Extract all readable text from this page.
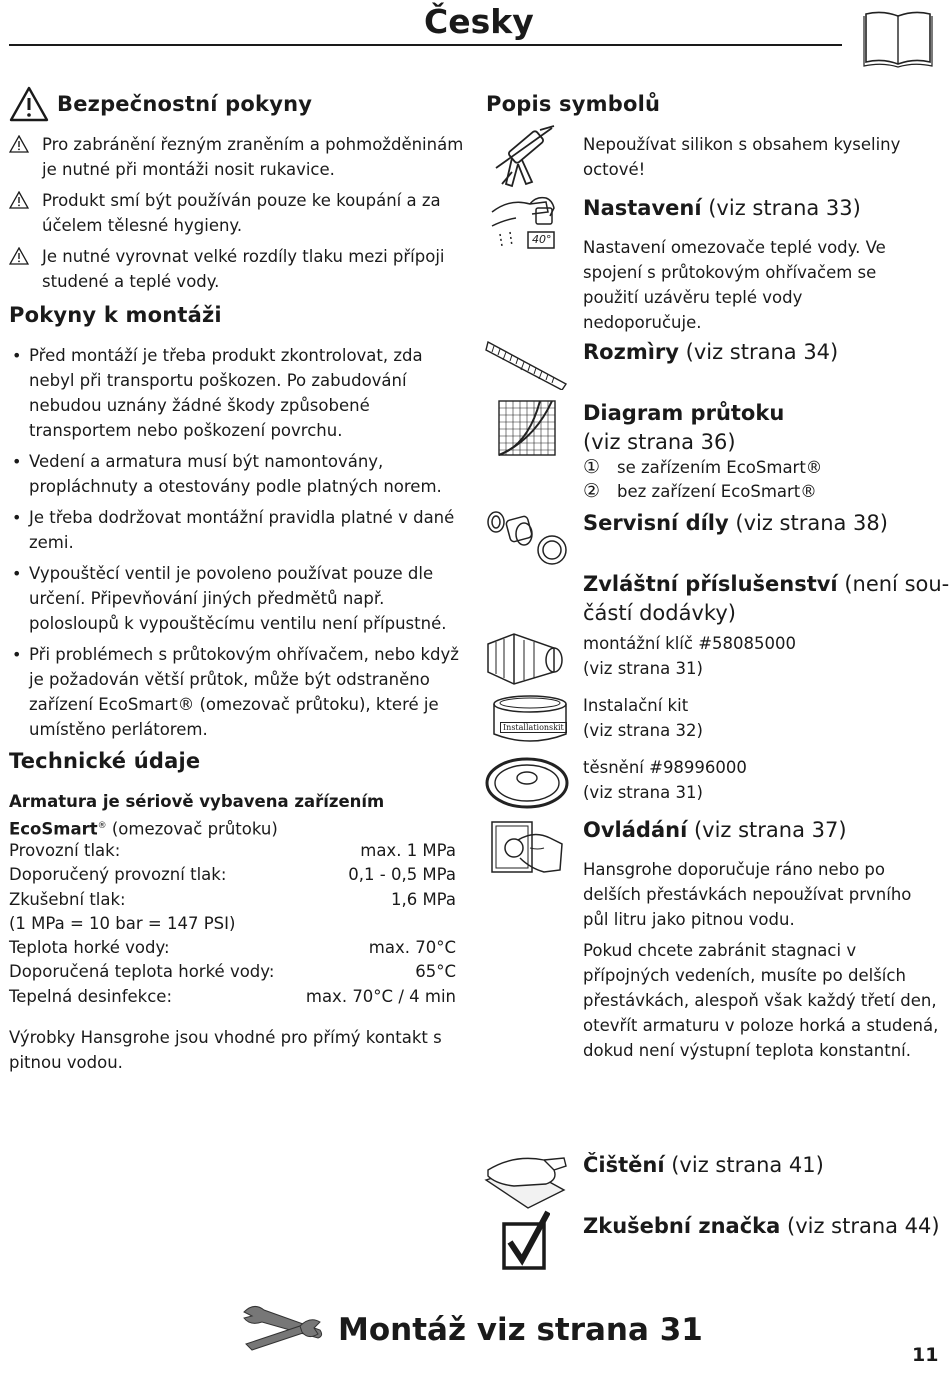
Česky
Bezpečnostní pokyny
Pro zabránění řezným zraněním a pohmožděninám je nutné při montáži nosit rukavice.
Produkt smí být používán pouze ke koupání a za účelem tělesné hygieny.
Je nutné vyrovnat velké rozdíly tlaku mezi přípoji studené a teplé vody.
Pokyny k montáži
• Před montáží je třeba produkt zkontrolovat, zda nebyl při transportu poškozen. Po zabudování nebudou uznány žádné škody způsobené transportem nebo poškození povrchu.
• Vedení a armatura musí být namontovány, propláchnuty a otestovány podle platných norem.
• Je třeba dodržovat montážní pravidla platné v dané zemi.
• Vypouštěcí ventil je povoleno používat pouze dle určení. Připevňování jiných předmětů např. polosloupů k vypouštěcímu ventilu není přípustné.
• Při problémech s průtokovým ohřívačem, nebo když je požadován větší průtok, může být odstraněno zařízení EcoSmart® (omezovač průtoku), které je umístěno perlátorem.
Technické údaje
Armatura je sériově vybavena zařízením
EcoSmart® (omezovač průtoku)
Provozní tlak:	max. 1 MPa
Doporučený provozní tlak:	0,1 - 0,5 MPa
Zkušební tlak:	1,6 MPa
(1 MPa = 10 bar = 147 PSI)	
Teplota horké vody:	max. 70°C
Doporučená teplota horké vody:	65°C
Tepelná desinfekce:	max. 70°C / 4 min
Výrobky Hansgrohe jsou vhodné pro přímý kontakt s pitnou vodou.
Popis symbolů
Nepoužívat silikon s obsahem kyseliny octové!
40°
Nastavení (viz strana 33)
Nastavení omezovače teplé vody. Ve spojení s průtokovým ohřívačem se použití uzávěru teplé vody nedoporučuje.
Rozmìry (viz strana 34)
Diagram průtoku
(viz strana 36)
① se zařízením EcoSmart®
② bez zařízení EcoSmart®
Servisní díly (viz strana 38)
Zvláštní příslušenství (není sou-
částí dodávky)
montážní klíč #58085000
(viz strana 31)
Installationskit
Instalační kit
(viz strana 32)
těsnění #98996000
(viz strana 31)
Ovládání (viz strana 37)
Hansgrohe doporučuje ráno nebo po delších přestávkách nepoužívat prvního půl litru jako pitnou vodu.
Pokud chcete zabránit stagnaci v přípojných vedeních, musíte po delších přestávkách, alespoň však každý třetí den, otevřít armaturu v poloze horká a studená, dokud není výstupní teplota konstantní.
Čištění (viz strana 41)
Zkušební značka (viz strana 44)
Montáž viz strana 31
11
